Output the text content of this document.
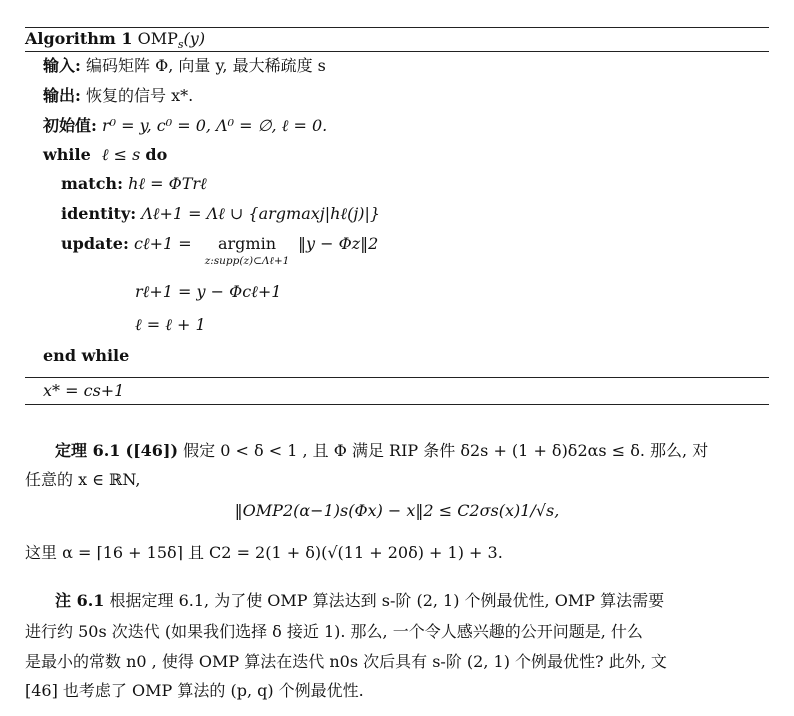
Algorithm 1 $OMP_s(y)$
输入: 编码矩阵 Φ, 向量 y, 最大稀疏度 s
输出: 恢复的信号 x*.
初始值: r⁰ = y, c⁰ = 0, Λ⁰ = ∅, ℓ = 0.
while ℓ ≤ s do
match: hℓ = ΦTrℓ
identity: Λℓ+1 = Λℓ ∪ {argmaxj|hℓ(j)|}
update: cℓ+1 =	argmin
z:supp(z)⊂Λℓ+1
‖y − Φz‖2
rℓ+1 = y − Φcℓ+1
ℓ = ℓ + 1
end while
x* = cs+1
定理 6.1 ([46]) 假定 0 < δ < 1 , 且 Φ 满足 RIP 条件 δ2s + (1 + δ)δ2αs ≤ δ. 那么, 对
任意的 x ∈ ℝN,
‖OMP2(α−1)s(Φx) − x‖2 ≤ C2σs(x)1/√s,
这里 α = ⌈16 + 15δ⌉ 且 C2 = 2(1 + δ)(√(11 + 20δ) + 1) + 3.
注 6.1 根据定理 6.1, 为了使 OMP 算法达到 s-阶 (2, 1) 个例最优性, OMP 算法需要
进行约 50s 次迭代 (如果我们选择 δ 接近 1). 那么, 一个令人感兴趣的公开问题是, 什么
是最小的常数 n0 , 使得 OMP 算法在迭代 n0s 次后具有 s-阶 (2, 1) 个例最优性? 此外, 文
[46] 也考虑了 OMP 算法的 (p, q) 个例最优性.
